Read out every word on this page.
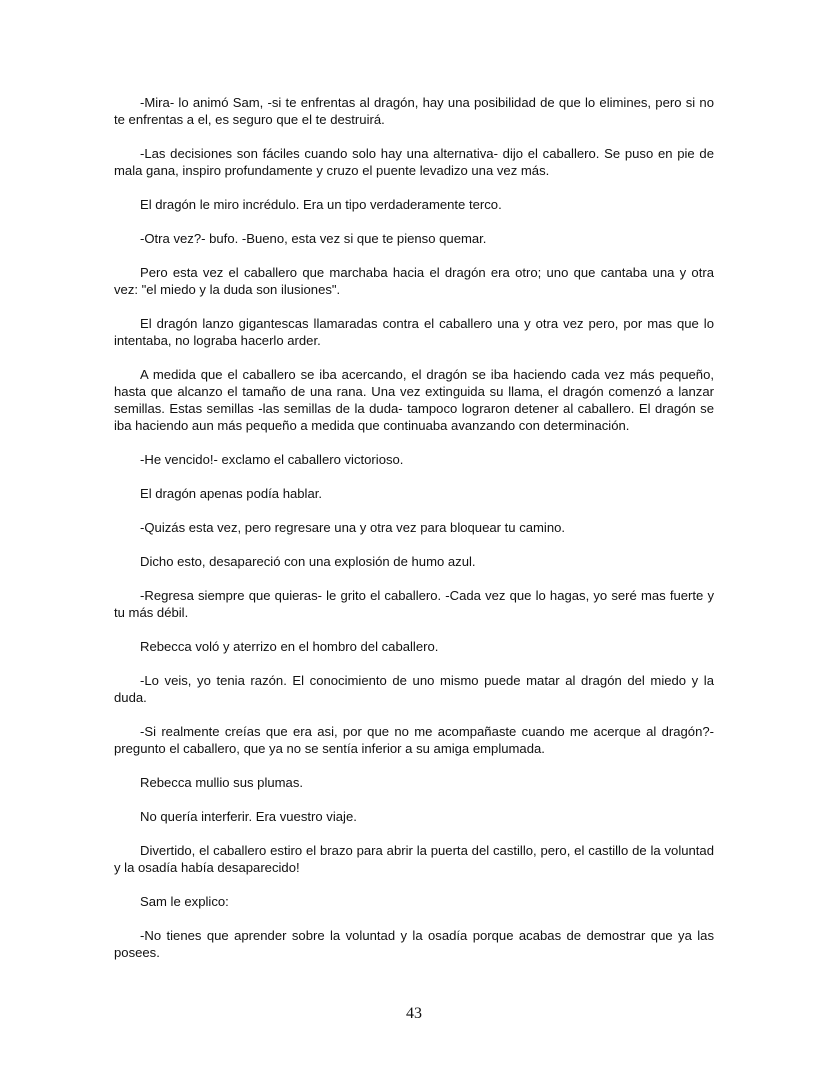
-Mira- lo animó Sam, -si te enfrentas al dragón, hay una posibilidad de que lo elimines, pero si no te enfrentas a el, es seguro que el te destruirá.

-Las decisiones son fáciles cuando solo hay una alternativa- dijo el caballero. Se puso en pie de mala gana, inspiro profundamente y cruzo el puente levadizo una vez más.

El dragón le miro incrédulo. Era un tipo verdaderamente terco.

-Otra vez?- bufo. -Bueno, esta vez si que te pienso quemar.

Pero esta vez el caballero que marchaba hacia el dragón era otro; uno que cantaba una y otra vez: "el miedo y la duda son ilusiones".

El dragón lanzo gigantescas llamaradas contra el caballero una y otra vez pero, por mas que lo intentaba, no lograba hacerlo arder.

A medida que el caballero se iba acercando, el dragón se iba haciendo cada vez más pequeño, hasta que alcanzo el tamaño de una rana. Una vez extinguida su llama, el dragón comenzó a lanzar semillas. Estas semillas -las semillas de la duda- tampoco lograron detener al caballero. El dragón se iba haciendo aun más pequeño a medida que continuaba avanzando con determinación.

-He vencido!- exclamo el caballero victorioso.

El dragón apenas podía hablar.

-Quizás esta vez, pero regresare una y otra vez para bloquear tu camino.

Dicho esto, desapareció con una explosión de humo azul.

-Regresa siempre que quieras- le grito el caballero. -Cada vez que lo hagas, yo seré mas fuerte y tu más débil.

Rebecca voló y aterrizo en el hombro del caballero.

-Lo veis, yo tenia razón. El conocimiento de uno mismo puede matar al dragón del miedo y la duda.

-Si realmente creías que era asi, por que no me acompañaste cuando me acerque al dragón?- pregunto el caballero, que ya no se sentía inferior a su amiga emplumada.

Rebecca mullio sus plumas.

No quería interferir. Era vuestro viaje.

Divertido, el caballero estiro el brazo para abrir la puerta del castillo, pero, el castillo de la voluntad y la osadía había desaparecido!

Sam le explico:

-No tienes que aprender sobre la voluntad y la osadía porque acabas de demostrar que ya las posees.

43
